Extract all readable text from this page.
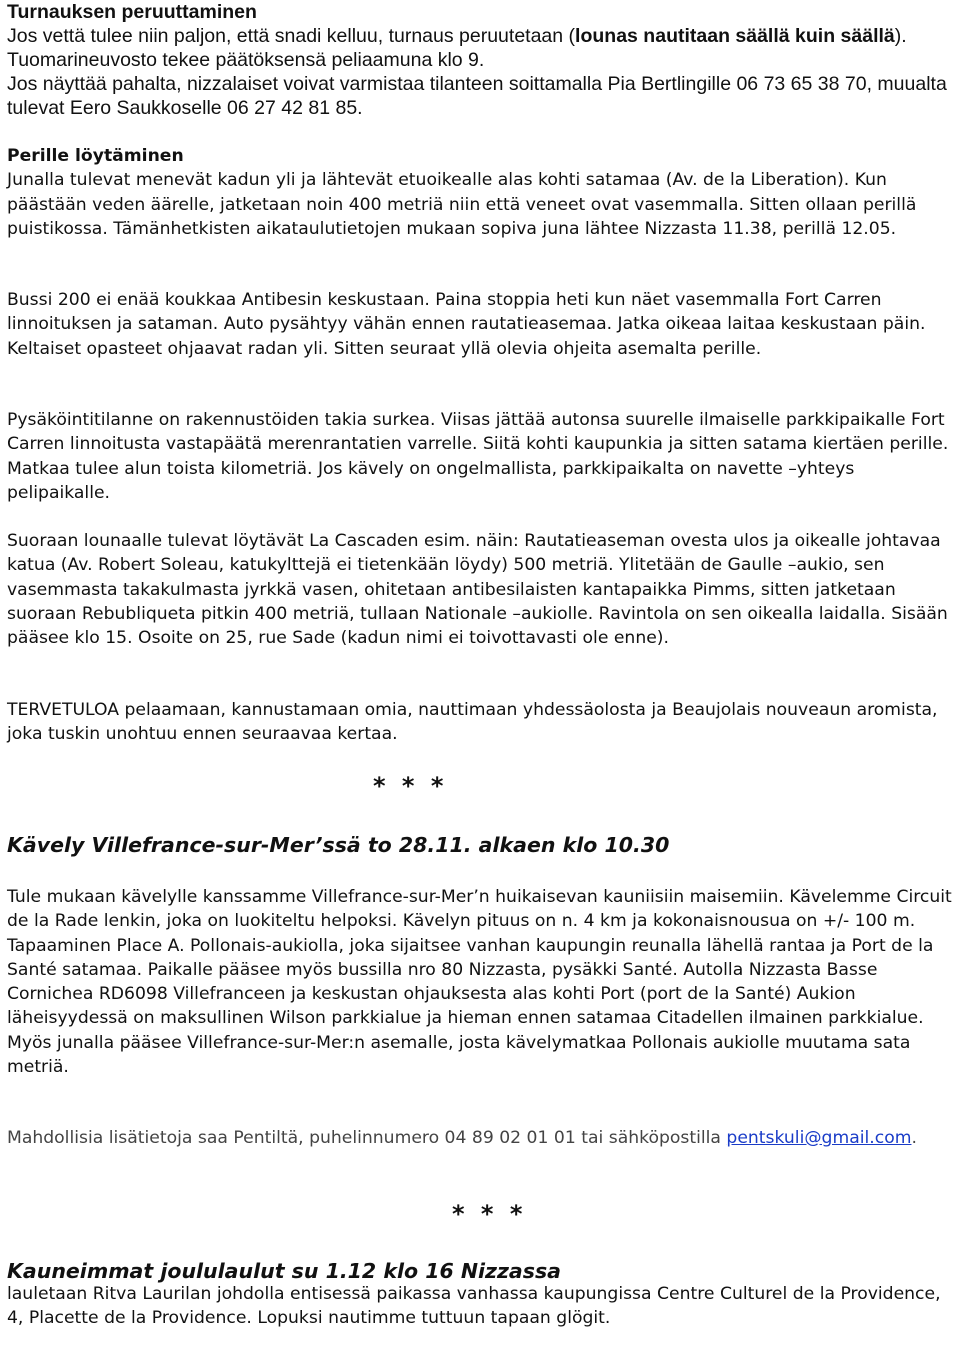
Turnauksen peruuttaminen

Jos vettä tulee niin paljon, että snadi kelluu, turnaus peruutetaan (lounas nautitaan säällä kuin säällä). Tuomarineuvosto tekee päätöksensä peliaamuna klo 9.

Jos näyttää pahalta, nizzalaiset voivat varmistaa tilanteen soittamalla Pia Bertlingille 06 73 65 38 70, muualta tulevat Eero Saukkoselle 06 27 42 81 85.

Perille löytäminen

Junalla tulevat menevät kadun yli ja lähtevät etuoikealle alas kohti satamaa (Av. de la Liberation). Kun päästään veden äärelle, jatketaan noin 400 metriä niin että veneet ovat vasemmalla. Sitten ollaan perillä puistikossa. Tämänhetkisten aikataulutietojen mukaan sopiva juna lähtee Nizzasta 11.38, perillä 12.05.

Bussi 200 ei enää koukkaa Antibesin keskustaan. Paina stoppia heti kun näet vasemmalla Fort Carren linnoituksen ja sataman. Auto pysähtyy vähän ennen rautatieasemaa. Jatka oikeaa laitaa keskustaan päin. Keltaiset opasteet ohjaavat radan yli. Sitten seuraat yllä olevia ohjeita asemalta perille.
Pysäköintitilanne on rakennustöiden takia surkea. Viisas jättää autonsa suurelle ilmaiselle parkkipaikalle Fort Carren linnoitusta vastapäätä merenrantatien varrelle. Siitä kohti kaupunkia ja sitten satama kiertäen perille. Matkaa tulee alun toista kilometriä. Jos kävely on ongelmallista, parkkipaikalta on navette –yhteys pelipaikalle.
Suoraan lounaalle tulevat löytävät La Cascaden esim. näin: Rautatieaseman ovesta ulos ja oikealle johtavaa katua (Av. Robert Soleau, katukylttejä ei tietenkään löydy) 500 metriä. Ylitetään de Gaulle –aukio, sen vasemmasta takakulmasta jyrkkä vasen, ohitetaan antibesilaisten kantapaikka Pimms, sitten jatketaan suoraan Rebubliqueta pitkin 400 metriä, tullaan Nationale –aukiolle. Ravintola on sen oikealla laidalla. Sisään pääsee klo 15. Osoite on 25, rue Sade (kadun nimi ei toivottavasti ole enne).
TERVETULOA pelaamaan, kannustamaan omia, nauttimaan yhdessäolosta ja Beaujolais nouveaun aromista, joka tuskin unohtuu ennen seuraavaa kertaa.
* * *
Kävely Villefrance-sur-Mer’ssä to 28.11. alkaen klo 10.30
Tule mukaan kävelylle kanssamme Villefrance-sur-Mer’n huikaisevan kauniisiin maisemiin. Kävelemme Circuit de la Rade lenkin, joka on luokiteltu helpoksi. Kävelyn pituus on n. 4 km ja kokonaisnousua on +/- 100 m. Tapaaminen Place A. Pollonais-aukiolla, joka sijaitsee vanhan kaupungin reunalla lähellä rantaa ja Port de la Santé satamaa. Paikalle pääsee myös bussilla nro 80 Nizzasta, pysäkki Santé. Autolla Nizzasta Basse Cornichea RD6098 Villefranceen ja keskustan ohjauksesta alas kohti Port (port de la Santé) Aukion läheisyydessä on maksullinen Wilson parkkialue ja hieman ennen satamaa Citadellen ilmainen parkkialue. Myös junalla pääsee Villefrance-sur-Mer:n asemalle, josta kävelymatkaa Pollonais aukiolle muutama sata metriä.
Mahdollisia lisätietoja saa Pentiltä, puhelinnumero 04 89 02 01 01 tai sähköpostilla pentskuli@gmail.com.
* * *
Kauneimmat joululaulut su 1.12 klo 16 Nizzassa
lauletaan Ritva Laurilan johdolla entisessä paikassa vanhassa kaupungissa Centre Culturel de la Providence, 4, Placette de la Providence. Lopuksi nautimme tuttuun tapaan glögit.
